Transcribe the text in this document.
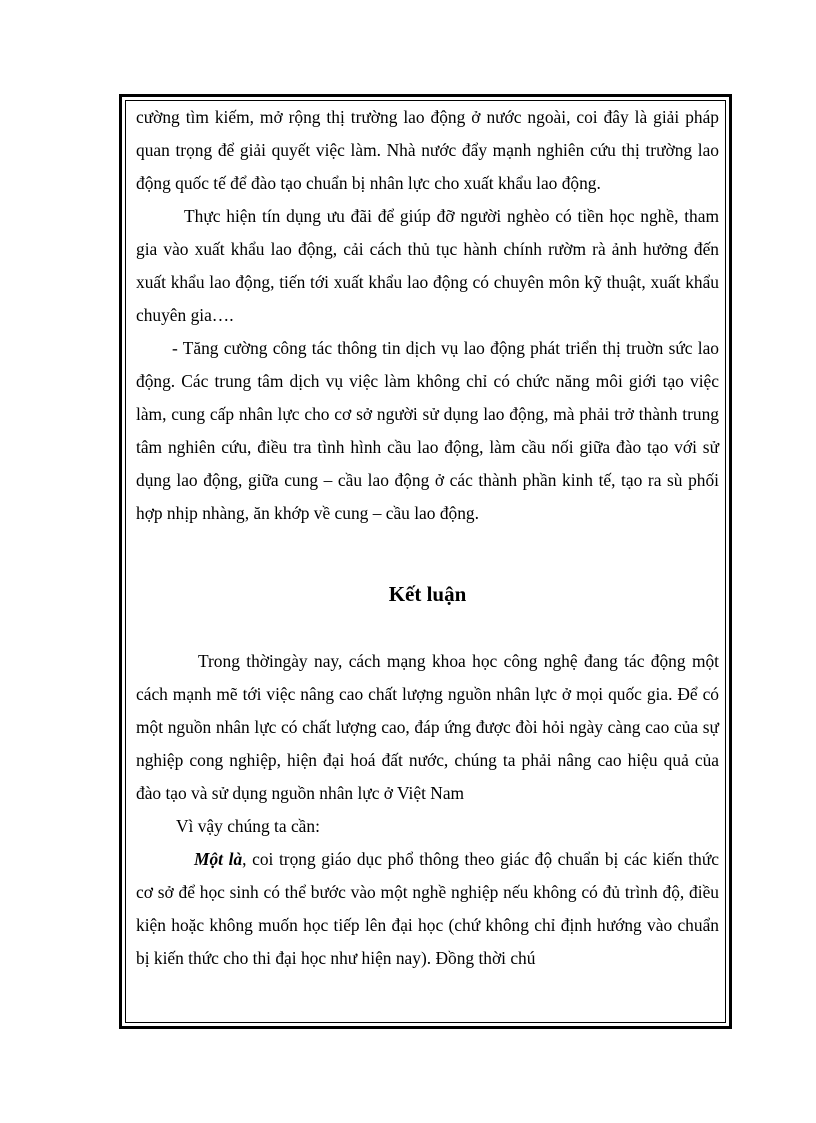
cường tìm kiếm, mở rộng thị trường lao động ở nước ngoài, coi đây là giải pháp quan trọng để giải quyết việc làm. Nhà nước đẩy mạnh nghiên cứu thị trường lao động quốc tế để đào tạo chuẩn bị nhân lực cho xuất khẩu lao động.

Thực hiện tín dụng ưu đãi để giúp đỡ người nghèo có tiền học nghề, tham gia vào xuất khẩu lao động, cải cách thủ tục hành chính rườm rà ảnh hưởng đến xuất khẩu lao động, tiến tới xuất khẩu lao động có chuyên môn kỹ thuật, xuất khẩu chuyên gia….

- Tăng cường công tác thông tin dịch vụ lao động phát triển thị truờn sức lao động. Các trung tâm dịch vụ việc làm không chỉ có chức năng môi giới tạo việc làm, cung cấp nhân lực cho cơ sở người sử dụng lao động, mà phải trở thành trung tâm nghiên cứu, điều tra tình hình cầu lao động, làm cầu nối giữa đào tạo với sử dụng lao động, giữa cung – cầu lao động ở các thành phần kinh tế, tạo ra sù phối hợp nhịp nhàng, ăn khớp về cung – cầu lao động.

Kết luận

Trong thờingày nay, cách mạng khoa học công nghệ đang tác động một cách mạnh mẽ tới việc nâng cao chất lượng nguồn nhân lực ở mọi quốc gia. Để có một nguồn nhân lực có chất lượng cao, đáp ứng được đòi hỏi ngày càng cao của sự nghiệp cong nghiệp, hiện đại hoá đất nước, chúng ta phải nâng cao hiệu quả của đào tạo và sử dụng nguồn nhân lực ở Việt Nam

Vì vậy chúng ta cần:

Một là, coi trọng giáo dục phổ thông theo giác độ chuẩn bị các kiến thức cơ sở để học sinh có thể bước vào một nghề nghiệp nếu không có đủ trình độ, điều kiện hoặc không muốn học tiếp lên đại học (chứ không chỉ định hướng vào chuẩn bị kiến thức cho thi đại học như hiện nay). Đồng thời chú
